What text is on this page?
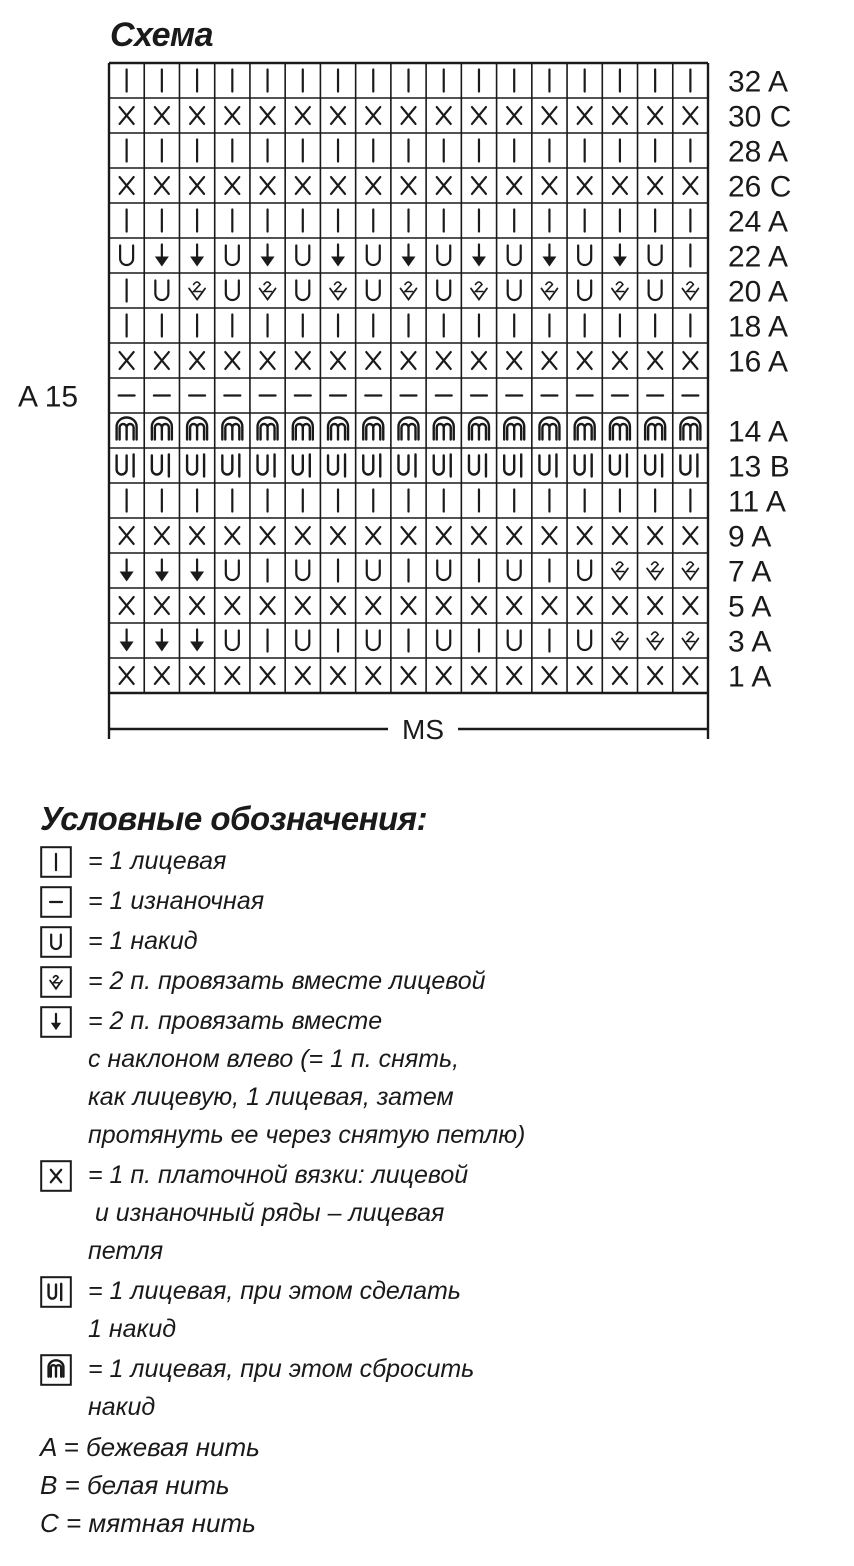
Схема
32 A
30 C
28 A
26 C
24 A
22 A
20 A
18 A
16 A
14 A
13 B
11 A
9 A
7 A
5 A
3 A
1 A
A 15
MS
Условные обозначения:
= 1 лицевая
= 1 изнаночная
= 1 накид
= 2 п. провязать вместе лицевой
= 2 п. провязать вместе
с наклоном влево (= 1 п. снять,
как лицевую, 1 лицевая, затем
протянуть ее через снятую петлю)
= 1 п. платочной вязки: лицевой
и изнаночный ряды – лицевая
петля
= 1 лицевая, при этом сделать
1 накид
= 1 лицевая, при этом сбросить
накид
A = бежевая нить
B = белая нить
C = мятная нить
